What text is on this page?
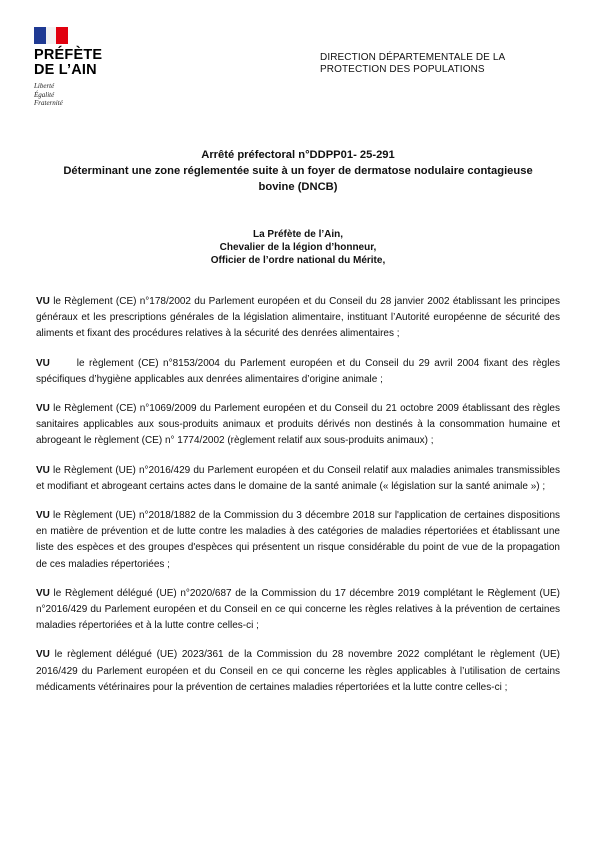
PRÉFÈTE
DE L’AIN
Liberté
Égalité
Fraternité
DIRECTION DÉPARTEMENTALE DE LA
PROTECTION DES POPULATIONS
Arrêté préfectoral n°DDPP01- 25-291
Déterminant une zone réglementée suite à un foyer de dermatose nodulaire contagieuse
bovine (DNCB)
La Préfète de l’Ain,
Chevalier de la légion d’honneur,
Officier de l’ordre national du Mérite,

VU le Règlement (CE) n°178/2002 du Parlement européen et du Conseil du 28 janvier 2002 établissant les principes généraux et les prescriptions générales de la législation alimentaire, instituant l’Autorité européenne de sécurité des aliments et fixant des procédures relatives à la sécurité des denrées alimentaires ;

VU      le règlement (CE) n°8153/2004 du Parlement européen et du Conseil du 29 avril 2004 fixant des règles spécifiques d’hygiène applicables aux denrées alimentaires d’origine animale ;

VU le Règlement (CE) n°1069/2009 du Parlement européen et du Conseil du 21 octobre 2009 établissant des règles sanitaires applicables aux sous-produits animaux et produits dérivés non destinés à la consommation humaine et abrogeant le règlement (CE) n° 1774/2002 (règlement relatif aux sous-produits animaux) ;

VU le Règlement (UE) n°2016/429 du Parlement européen et du Conseil relatif aux maladies animales transmissibles et modifiant et abrogeant certains actes dans le domaine de la santé animale (« législation sur la santé animale ») ;

VU le Règlement (UE) n°2018/1882 de la Commission du 3 décembre 2018 sur l'application de certaines dispositions en matière de prévention et de lutte contre les maladies à des catégories de maladies répertoriées et établissant une liste des espèces et des groupes d'espèces qui présentent un risque considérable du point de vue de la propagation de ces maladies répertoriées ;

VU le Règlement délégué (UE) n°2020/687 de la Commission du 17 décembre 2019 complétant le Règlement (UE) n°2016/429 du Parlement européen et du Conseil en ce qui concerne les règles relatives à la prévention de certaines maladies répertoriées et à la lutte contre celles-ci ;

VU le règlement délégué (UE) 2023/361 de la Commission du 28 novembre 2022 complétant le règlement (UE) 2016/429 du Parlement européen et du Conseil en ce qui concerne les règles applicables à l’utilisation de certains médicaments vétérinaires pour la prévention de certaines maladies répertoriées et la lutte contre celles-ci ;
